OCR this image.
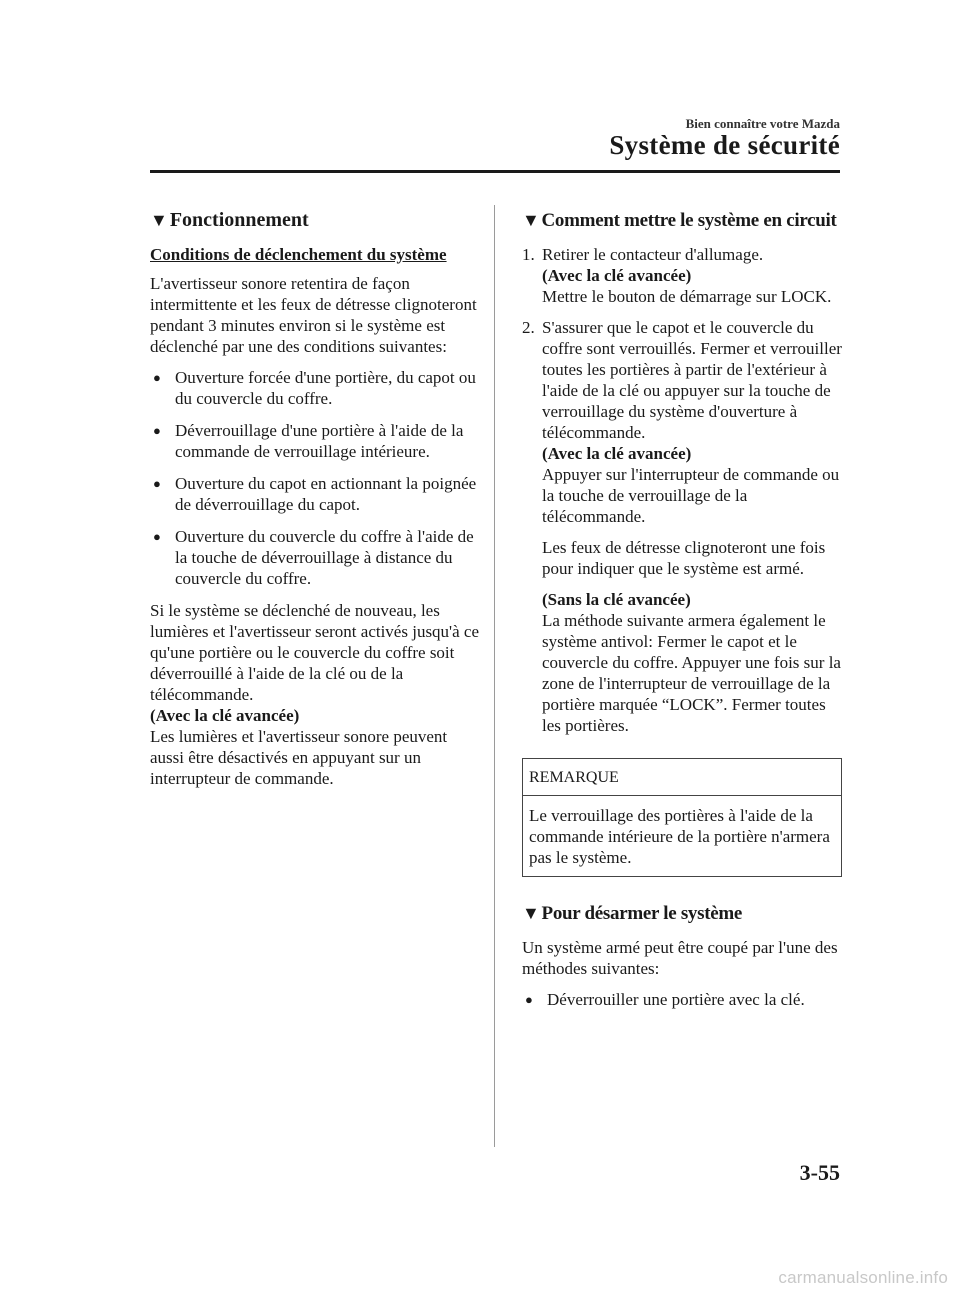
Bien connaître votre Mazda
Système de sécurité
▼ Fonctionnement
Conditions de déclenchement du système

L'avertisseur sonore retentira de façon intermittente et les feux de détresse clignoteront pendant 3 minutes environ si le système est déclenché par une des conditions suivantes:

● Ouverture forcée d'une portière, du capot ou du couvercle du coffre.
● Déverrouillage d'une portière à l'aide de la commande de verrouillage intérieure.
● Ouverture du capot en actionnant la poignée de déverrouillage du capot.
● Ouverture du couvercle du coffre à l'aide de la touche de déverrouillage à distance du couvercle du coffre.
Si le système se déclenché de nouveau, les lumières et l'avertisseur seront activés jusqu'à ce qu'une portière ou le couvercle du coffre soit déverrouillé à l'aide de la clé ou de la télécommande.
(Avec la clé avancée)
Les lumières et l'avertisseur sonore peuvent aussi être désactivés en appuyant sur un interrupteur de commande.
▼ Comment mettre le système en circuit
1. Retirer le contacteur d'allumage.
(Avec la clé avancée)
Mettre le bouton de démarrage sur LOCK.
2. S'assurer que le capot et le couvercle du coffre sont verrouillés. Fermer et verrouiller toutes les portières à partir de l'extérieur à l'aide de la clé ou appuyer sur la touche de verrouillage du système d'ouverture à télécommande.
(Avec la clé avancée)
Appuyer sur l'interrupteur de commande ou la touche de verrouillage de la télécommande.

Les feux de détresse clignoteront une fois pour indiquer que le système est armé.

(Sans la clé avancée)
La méthode suivante armera également le système antivol: Fermer le capot et le couvercle du coffre. Appuyer une fois sur la zone de l'interrupteur de verrouillage de la portière marquée “LOCK”. Fermer toutes les portières.
REMARQUE
Le verrouillage des portières à l'aide de la commande intérieure de la portière n'armera pas le système.
▼ Pour désarmer le système

Un système armé peut être coupé par l'une des méthodes suivantes:

● Déverrouiller une portière avec la clé.
3-55
carmanualsonline.info
